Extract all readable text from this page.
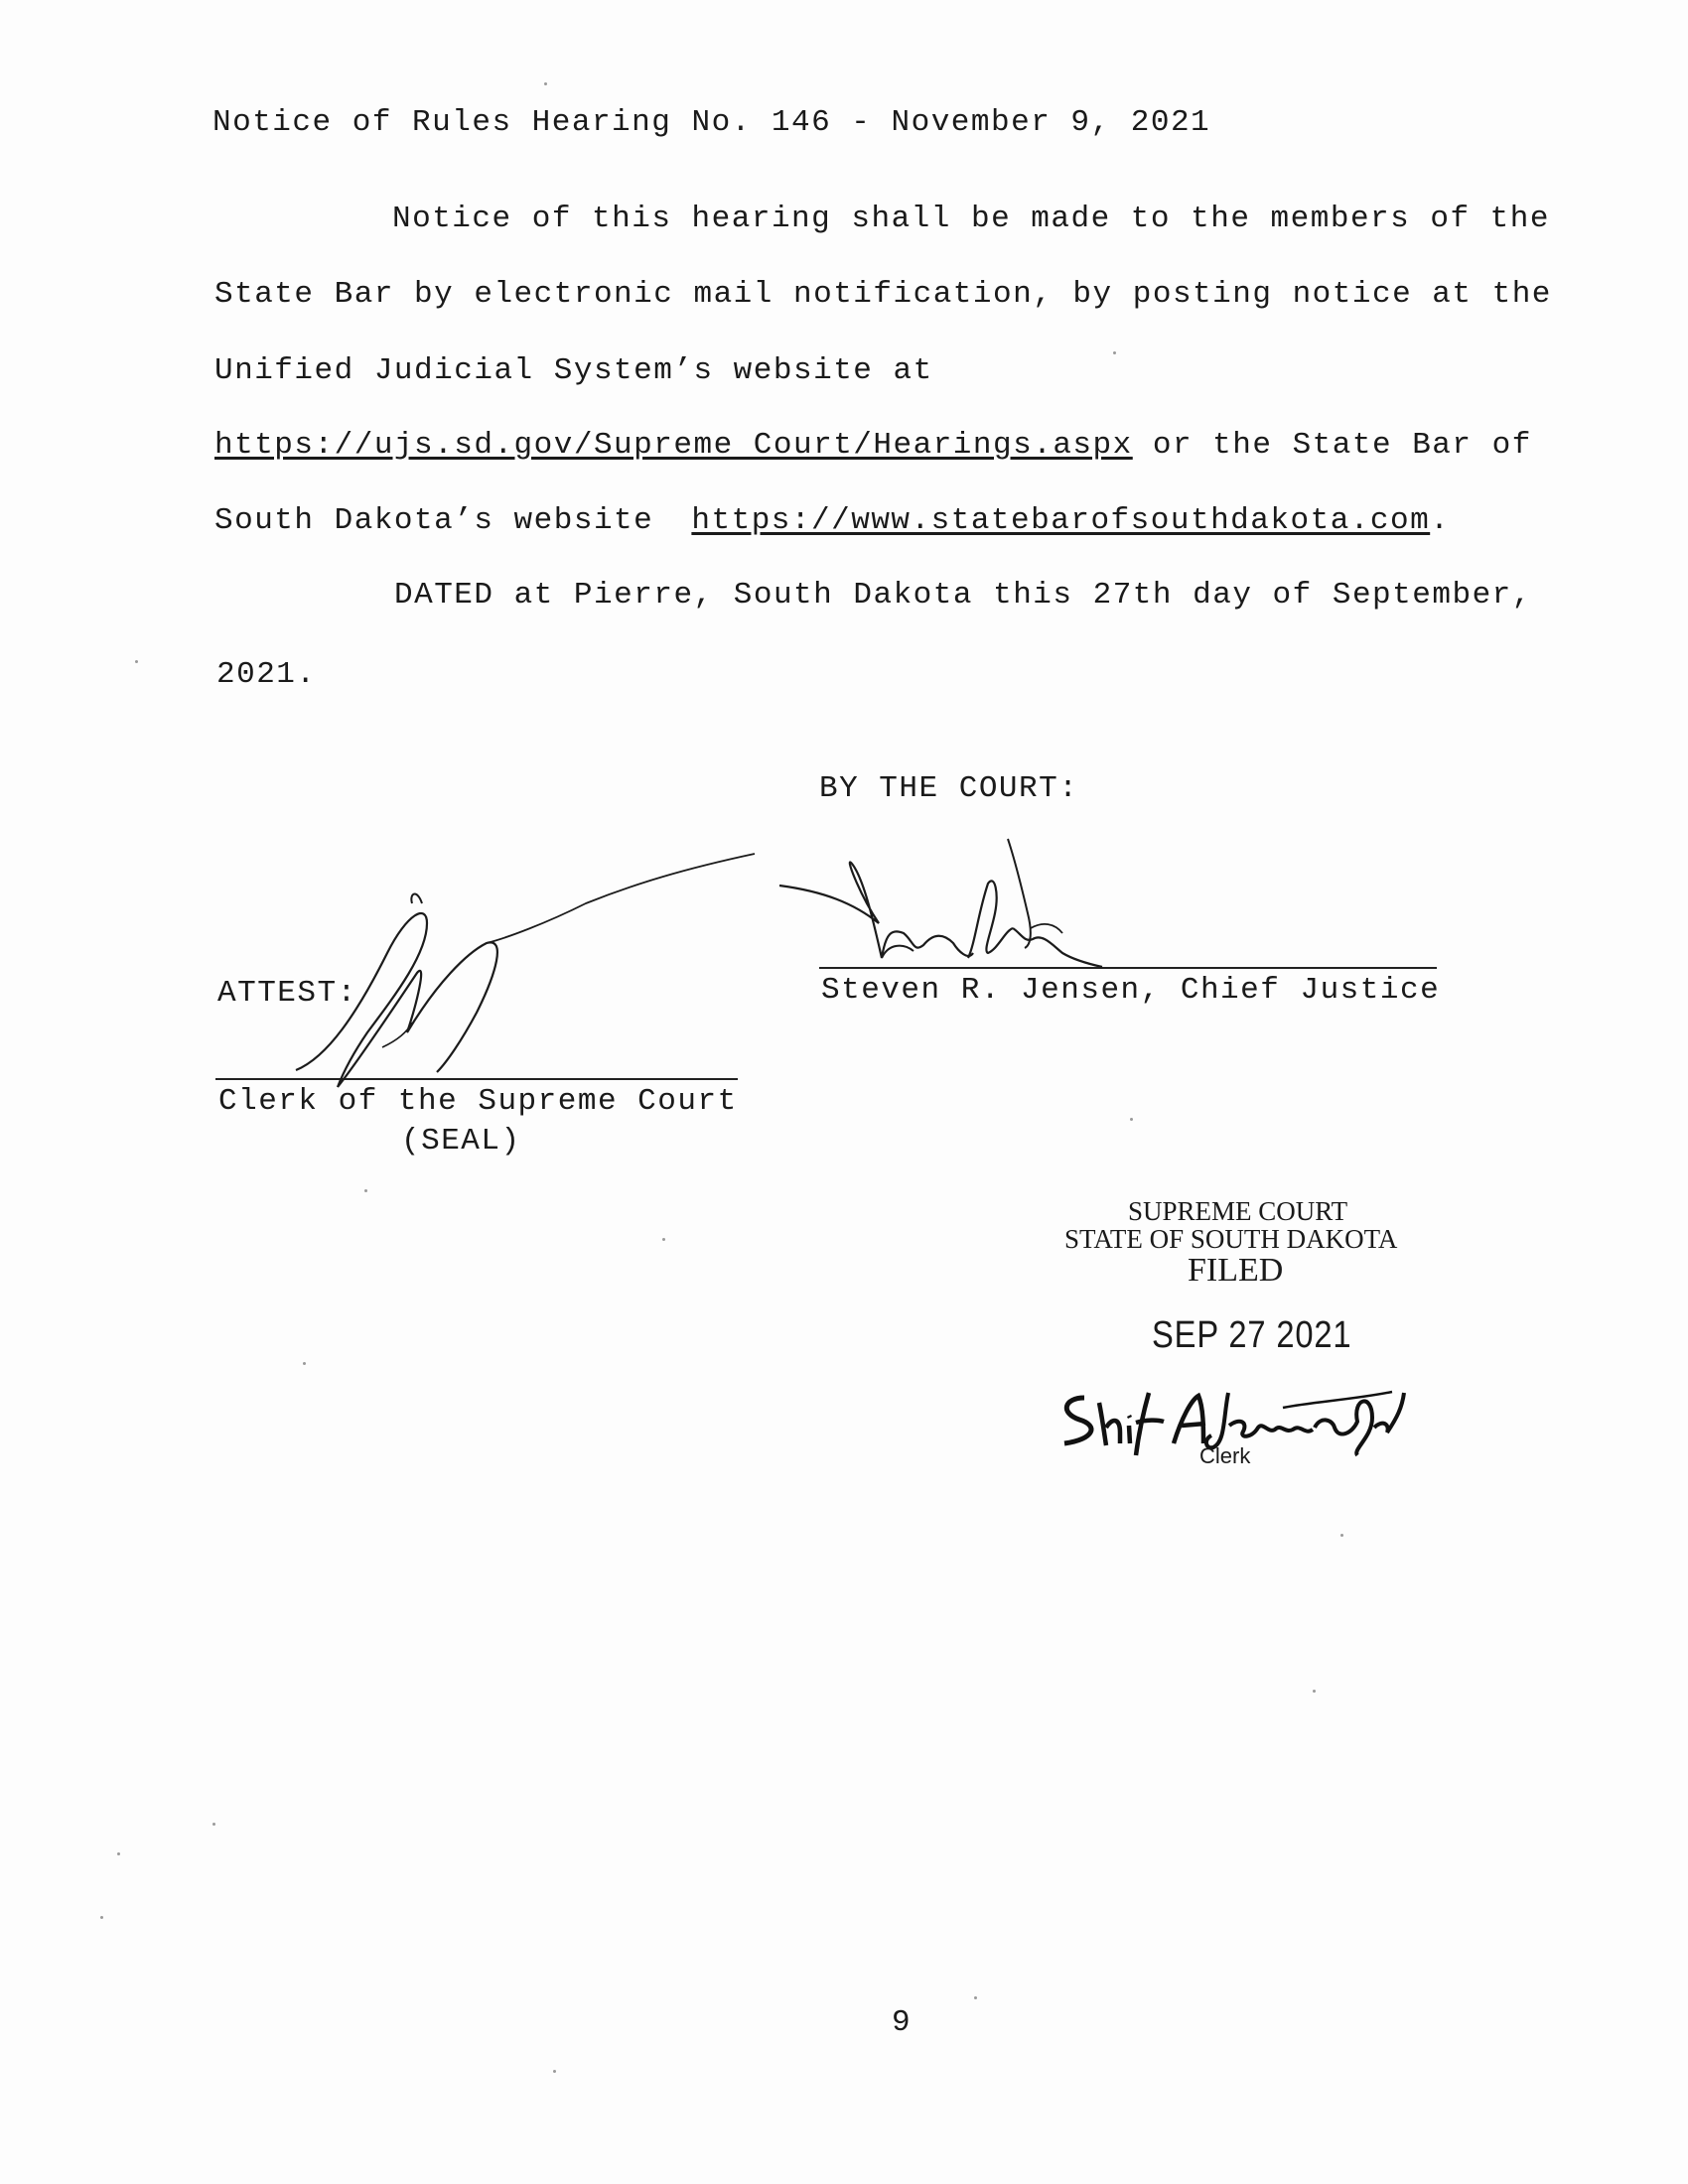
Notice of Rules Hearing No. 146 - November 9, 2021
Notice of this hearing shall be made to the members of the
State Bar by electronic mail notification, by posting notice at the
Unified Judicial System’s website at
https://ujs.sd.gov/Supreme Court/Hearings.aspx or the State Bar of
South Dakota’s website https://www.statebarofsouthdakota.com.
DATED at Pierre, South Dakota this 27th day of September,
2021.
BY THE COURT:
Steven R. Jensen, Chief Justice
ATTEST:
Clerk of the Supreme Court
(SEAL)
SUPREME COURT
STATE OF SOUTH DAKOTA
FILED
SEP 27 2021
Clerk
9
